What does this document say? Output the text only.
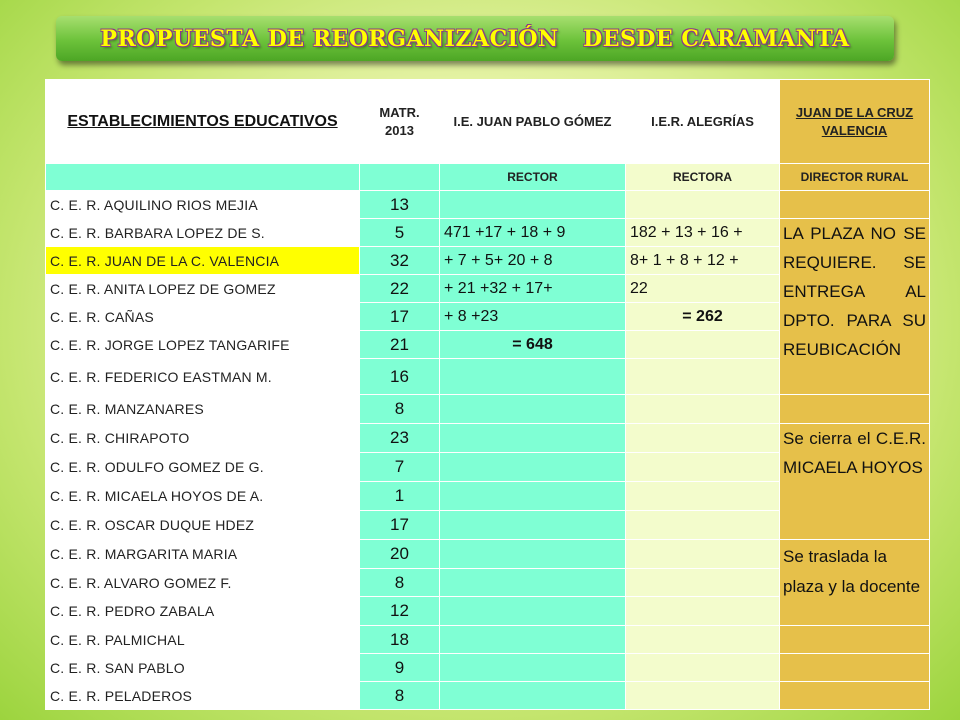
PROPUESTA DE REORGANIZACIÓN   DESDE CARAMANTA
ESTABLECIMIENTOS EDUCATIVOS	MATR. 2013	I.E. JUAN PABLO GÓMEZ	I.E.R. ALEGRÍAS	JUAN DE LA CRUZ VALENCIA
		RECTOR	RECTORA	DIRECTOR RURAL
C. E. R. AQUILINO RIOS MEJIA	13			
C. E. R. BARBARA LOPEZ DE S.	5	471 +17 + 18 + 9	182 + 13 + 16 +	LA PLAZA NO SE REQUIERE. SE ENTREGA AL DPTO. PARA SU REUBICACIÓN
C. E. R. JUAN DE LA C. VALENCIA	32	+ 7 + 5+ 20 + 8	8+ 1 + 8 + 12 +	
C. E. R. ANITA LOPEZ DE GOMEZ	22	+ 21 +32 + 17+	22	
C. E. R. CAÑAS	17	+ 8 +23	= 262	
C. E. R. JORGE LOPEZ TANGARIFE	21	= 648		
C. E. R. FEDERICO EASTMAN M.	16			
C. E. R. MANZANARES	8			
C. E. R. CHIRAPOTO	23			Se cierra el C.E.R. MICAELA HOYOS
C. E. R. ODULFO GOMEZ DE G.	7			
C. E. R. MICAELA HOYOS DE A.	1			
C. E. R. OSCAR DUQUE HDEZ	17			
C. E. R. MARGARITA MARIA	20			Se traslada la plaza y la docente
C. E. R. ALVARO GOMEZ F.	8			
C. E. R. PEDRO ZABALA	12			
C. E. R. PALMICHAL	18			
C. E. R. SAN PABLO	9			
C. E. R. PELADEROS	8			
